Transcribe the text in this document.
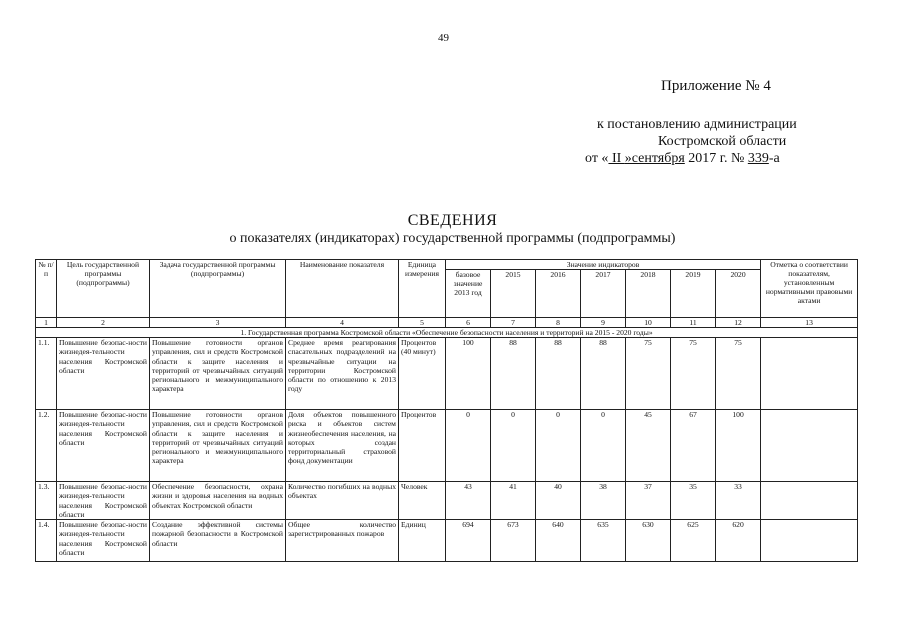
49
Приложение № 4
к постановлению администрации
Костромской области
от « II »сентября 2017 г. № 339-а
СВЕДЕНИЯ
о показателях (индикаторах) государственной программы (подпрограммы)
№ п/п	Цель государственной программы (подпрограммы)	Задача государственной программы (подпрограммы)	Наименование показателя	Единица измерения	Значение индикаторов							Отметка о соответствии показателям, установленным нормативными правовыми актами
					базовое значение 2013 год	2015	2016	2017	2018	2019	2020	
1	2	3	4	5	6	7	8	9	10	11	12	13
1. Государственная программа Костромской области «Обеспечение безопасности населения и территорий на 2015 - 2020 годы»												
1.1.	Повышение безопас-ности жизнедея-тельности населения Костромской области	Повышение готовности органов управления, сил и средств Костромской области к защите населения и территорий от чрезвычайных ситуаций регионального и межмуниципального характера	Среднее время реагирования спасательных подразделений на чрезвычайные ситуации на территории Костромской области по отношению к 2013 году	Процентов (40 минут)	100	88	88	88	75	75	75	
1.2.	Повышение безопас-ности жизнедея-тельности населения Костромской области	Повышение готовности органов управления, сил и средств Костромской области к защите населения и территорий от чрезвычайных ситуаций регионального и межмуниципального характера	Доля объектов повышенного риска и объектов систем жизнеобеспечения населения, на которых создан территориальный страховой фонд документации	Процентов	0	0	0	0	45	67	100	
1.3.	Повышение безопас-ности жизнедея-тельности населения Костромской области	Обеспечение безопасности, охрана жизни и здоровья населения на водных объектах Костромской области	Количество погибших на водных объектах	Человек	43	41	40	38	37	35	33	
1.4.	Повышение безопас-ности жизнедея-тельности населения Костромской области	Создание эффективной системы пожарной безопасности в Костромской области	Общее количество зарегистрированных пожаров	Единиц	694	673	640	635	630	625	620	
